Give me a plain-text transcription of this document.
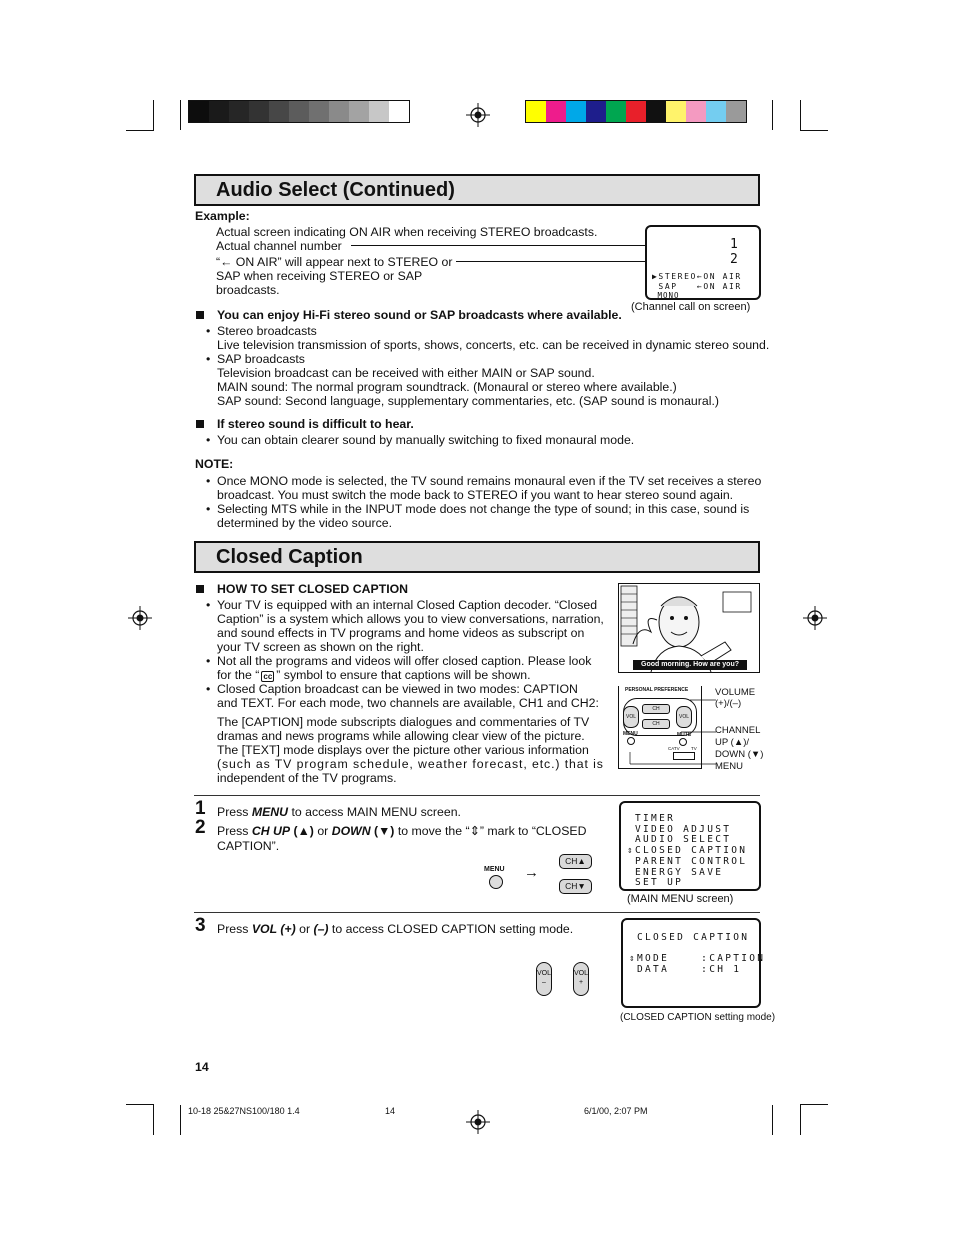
Audio Select (Continued)
Example:
Actual screen indicating ON AIR when receiving STEREO broadcasts.
Actual channel number
“← ON AIR” will appear next to STEREO or
SAP when receiving STEREO or SAP
broadcasts.
1 2
▶STEREO←ON AIR
SAP   ←ON AIR
MONO
(Channel call on screen)
You can enjoy Hi-Fi stereo sound or SAP broadcasts where available.
• Stereo broadcasts
Live television transmission of sports, shows, concerts, etc. can be received in dynamic stereo sound.
• SAP broadcasts
Television broadcast can be received with either MAIN or SAP sound.
MAIN sound: The normal program soundtrack. (Monaural or stereo where available.)
SAP sound: Second language, supplementary commentaries, etc. (SAP sound is monaural.)
If stereo sound is difficult to hear.
• You can obtain clearer sound by manually switching to fixed monaural mode.
NOTE:
• Once MONO mode is selected, the TV sound remains monaural even if the TV set receives a stereo
broadcast. You must switch the mode back to STEREO if you want to hear stereo sound again.
• Selecting MTS while in the INPUT mode does not change the type of sound; in this case, sound is
determined by the video source.
Closed Caption
HOW TO SET CLOSED CAPTION
• Your TV is equipped with an internal Closed Caption decoder. “Closed
Caption” is a system which allows you to view conversations, narration,
and sound effects in TV programs and home videos as subscript on
your TV screen as shown on the right.
• Not all the programs and videos will offer closed caption. Please look
for the “ cc ” symbol to ensure that captions will be shown.
• Closed Caption broadcast can be viewed in two modes: CAPTION
and TEXT. For each mode, two channels are available, CH1 and CH2:
The [CAPTION] mode subscripts dialogues and commentaries of TV
dramas and news programs while allowing clear view of the picture.
The [TEXT] mode displays over the picture other various information
(such as TV program schedule, weather forecast, etc.) that is
independent of the TV programs.
Good morning. How are you?
PERSONAL PREFERENCE
VOL	VOL
CH
CH
MENU	MUTE
CATV	TV
VOLUME
(+)/(–)
CHANNEL
UP (▲)/
DOWN (▼)
MENU
1 Press MENU to access MAIN MENU screen.
2 Press CH UP (▲) or DOWN (▼) to move the “⇕” mark to “CLOSED
CAPTION”.
MENU →
CH▲
CH▼
TIMER
VIDEO ADJUST
AUDIO SELECT
⇕CLOSED CAPTION
PARENT CONTROL
ENERGY SAVE
SET UP
(MAIN MENU screen)
3 Press VOL (+) or (–) to access CLOSED CAPTION setting mode.
VOL –
VOL +
CLOSED CAPTION
⇕MODE    :CAPTION
DATA    :CH 1
(CLOSED CAPTION setting mode)
14
10-18 25&27NS100/180 1.4	14	6/1/00, 2:07 PM
